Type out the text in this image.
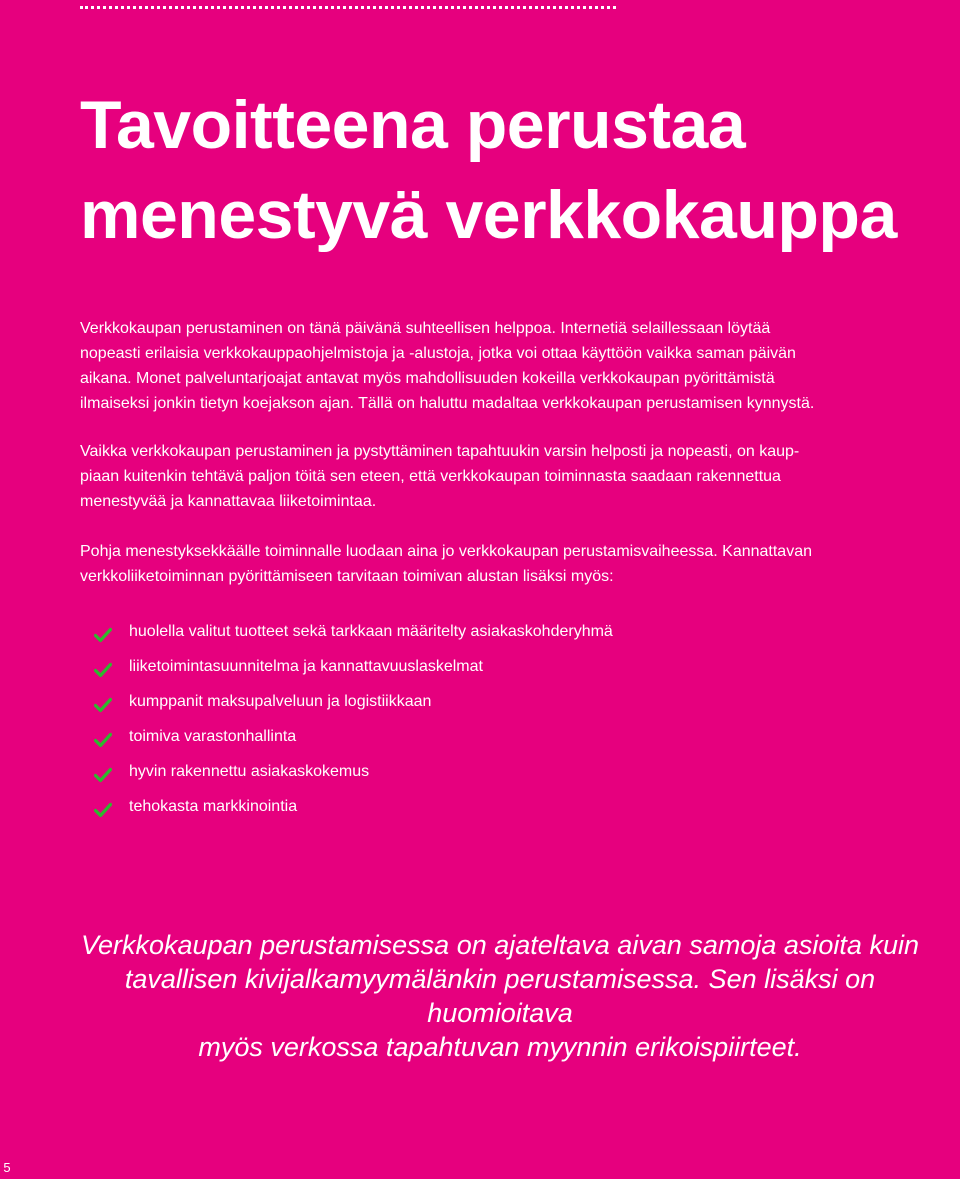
Tavoitteena perustaa
menestyvä verkkokauppa

Verkkokaupan perustaminen on tänä päivänä suhteellisen helppoa. Internetiä selaillessaan löytää
nopeasti erilaisia verkkokauppaohjelmistoja ja -alustoja, jotka voi ottaa käyttöön vaikka saman päivän
aikana. Monet palveluntarjoajat antavat myös mahdollisuuden kokeilla verkkokaupan pyörittämistä
ilmaiseksi jonkin tietyn koejakson ajan. Tällä on haluttu madaltaa verkkokaupan perustamisen kynnystä.

Vaikka verkkokaupan perustaminen ja pystyttäminen tapahtuukin varsin helposti ja nopeasti, on kaup-
piaan kuitenkin tehtävä paljon töitä sen eteen, että verkkokaupan toiminnasta saadaan rakennettua
menestyvää ja kannattavaa liiketoimintaa.

Pohja menestyksekkäälle toiminnalle luodaan aina jo verkkokaupan perustamisvaiheessa. Kannattavan
verkkoliiketoiminnan pyörittämiseen tarvitaan toimivan alustan lisäksi myös:

huolella valitut tuotteet sekä tarkkaan määritelty asiakaskohderyhmä
liiketoimintasuunnitelma ja kannattavuuslaskelmat
kumppanit maksupalveluun ja logistiikkaan
toimiva varastonhallinta
hyvin rakennettu asiakaskokemus
tehokasta markkinointia

Verkkokaupan perustamisessa on ajateltava aivan samoja asioita kuin
tavallisen kivijalkamyymälänkin perustamisessa. Sen lisäksi on huomioitava
myös verkossa tapahtuvan myynnin erikoispiirteet.

5
